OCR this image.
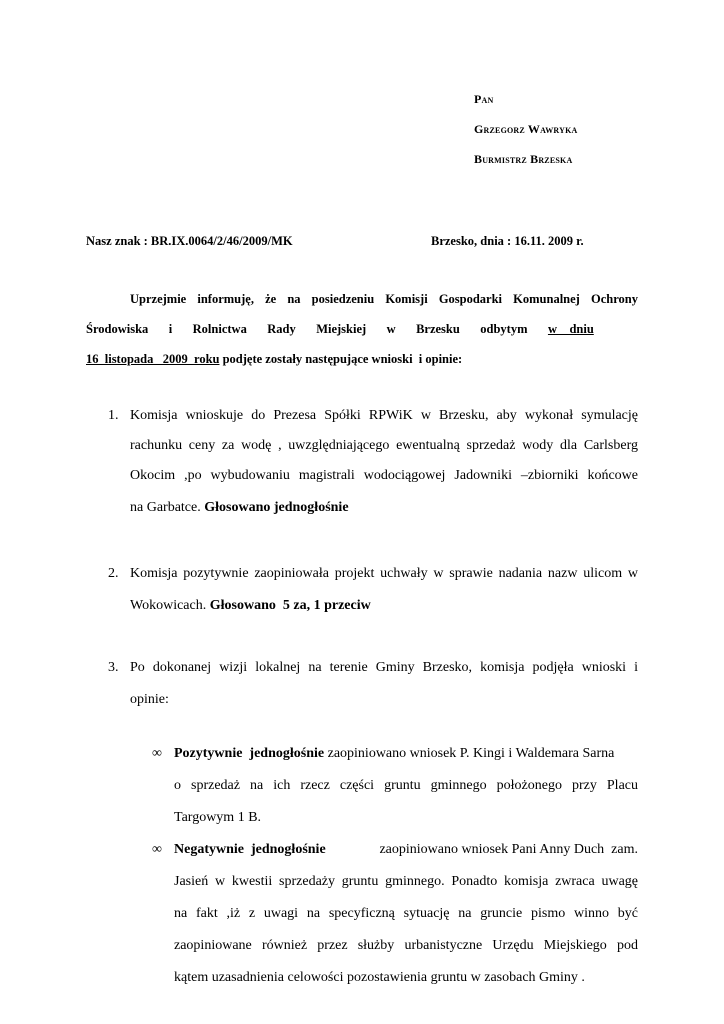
Pan
Grzegorz Wawryka
Burmistrz Brzeska
Nasz znak : BR.IX.0064/2/46/2009/MK	Brzesko, dnia : 16.11. 2009 r.
Uprzejmie informuję, że na posiedzeniu Komisji Gospodarki Komunalnej Ochrony
Środowiska i Rolnictwa Rady Miejskiej w Brzesku odbytym w    dniu
16  listopada   2009  roku podjęte zostały następujące wnioski  i opinie:
1. Komisja wnioskuje do Prezesa Spółki RPWiK w Brzesku, aby wykonał symulację
rachunku ceny za wodę , uwzględniającego ewentualną sprzedaż wody dla Carlsberg
Okocim ,po wybudowaniu magistrali wodociągowej Jadowniki –zbiorniki końcowe
na Garbatce. Głosowano jednogłośnie
2. Komisja pozytywnie zaopiniowała projekt uchwały w sprawie nadania nazw ulicom w
Wokowicach. Głosowano  5 za, 1 przeciw
3. Po dokonanej wizji lokalnej na terenie Gminy Brzesko, komisja podjęła wnioski i
opinie:
∞ Pozytywnie  jednogłośnie zaopiniowano wniosek P. Kingi i Waldemara Sarna
o sprzedaż na ich rzecz części gruntu gminnego położonego przy Placu
Targowym 1 B.
∞ Negatywnie  jednogłośnie	zaopiniowano wniosek Pani Anny Duch  zam.
Jasień w kwestii sprzedaży gruntu gminnego. Ponadto komisja zwraca uwagę
na fakt ,iż z uwagi na specyficzną sytuację na gruncie pismo winno być
zaopiniowane również przez służby urbanistyczne Urzędu Miejskiego pod
kątem uzasadnienia celowości pozostawienia gruntu w zasobach Gminy .
